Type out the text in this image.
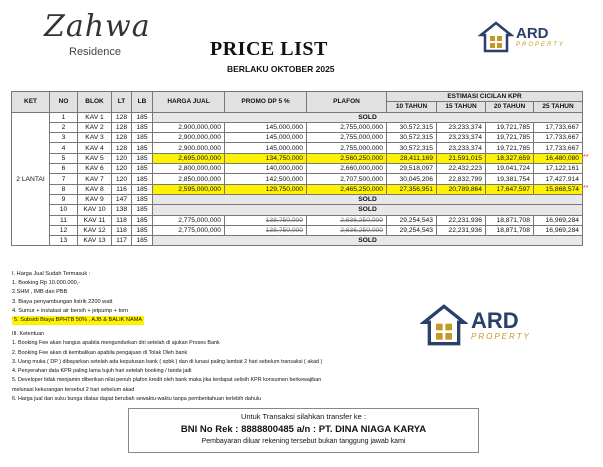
Zahwa
Residence	PRICE LIST
BERLAKU OKTOBER 2025
ARD
PROPERTY
KET	NO	BLOK	LT	LB	HARGA JUAL	PROMO DP 5 %	PLAFON	ESTIMASI CICILAN KPR			
								10 TAHUN	15 TAHUN	20 TAHUN	25 TAHUN
2 LANTAI	1	KAV 1	128	185	SOLD						
	2	KAV 2	128	185	2,900,000,000	145,000,000	2,755,000,000	30,572,315	23,233,374	19,721,785	17,733,667
	3	KAV 3	128	185	2,900,000,000	145,000,000	2,755,000,000	30,572,315	23,233,374	19,721,785	17,733,667
	4	KAV 4	128	185	2,900,000,000	145,000,000	2,755,000,000	30,572,315	23,233,374	19,721,785	17,733,667
	5	KAV 5	120	185	2,695,000,000	134,750,000	2,560,250,000	28,411,169	21,591,015	18,327,659	16,480,080
	6	KAV 6	120	185	2,800,000,000	140,000,000	2,660,000,000	29,518,097	22,432,223	19,041,724	17,122,161
	7	KAV 7	120	185	2,850,000,000	142,500,000	2,707,500,000	30,045,206	22,832,799	19,381,754	17,427,914
	8	KAV 8	116	185	2,595,000,000	129,750,000	2,465,250,000	27,356,951	20,789,864	17,647,597	15,868,574
	9	KAV 9	147	185	SOLD						
	10	KAV 10	138	185	SOLD						
	11	KAV 11	118	185	2,775,000,000	138,750,000	2,636,250,000	29,254,543	22,231,936	18,871,708	16,969,284
	12	KAV 12	118	185	2,775,000,000	138,750,000	2,636,250,000	29,254,543	22,231,936	18,871,708	16,969,284
	13	KAV 13	117	185	SOLD						
**
**
I. Harga Jual Sudah Termasuk :
1. Booking Rp 10.000.000,-
2.SHM , IMB dan PBB
3. Biaya penyambungan listrik 2200 watt
4. Sumur + instalasi air bersih + jetpump + torn
5. Subsidi Biaya BPHTB 50% , AJB & BALIK NAMA
III. Ketentuan
1. Booking Fee akan hangus apabila mengundurkan diri setelah di ajukan Proses Bank
2. Booking Fee akan di kembalikan apabila pengajuan di Tolak Oleh bank
3. Uang muka ( DP ) dibayarkan setelah ada keputusan bank ( spbk ) dan di lunasi paling lambat 2 hari sebelum transaksi ( akad )
4. Penyerahan data KPR paling lama tujuh hari setelah booking / tanda jadi
5. Developer tidak menjamin diberikan nilai penuh plafon kredit oleh bank maka jika terdapat selisih KPR konsumen berkewajiban
melunasi kekurangan tersebut 2 hari sebelum akad
6. Harga jual dan suku bunga diatas dapat berubah sewaktu-waktu tanpa pemberitahuan terlebih dahulu
ARD
PROPERTY
Untuk Transaksi silahkan transfer ke :
BNI No Rek : 8888800485 a/n : PT. DINA NIAGA KARYA
Pembayaran diluar rekening tersebut bukan tanggung jawab kami
